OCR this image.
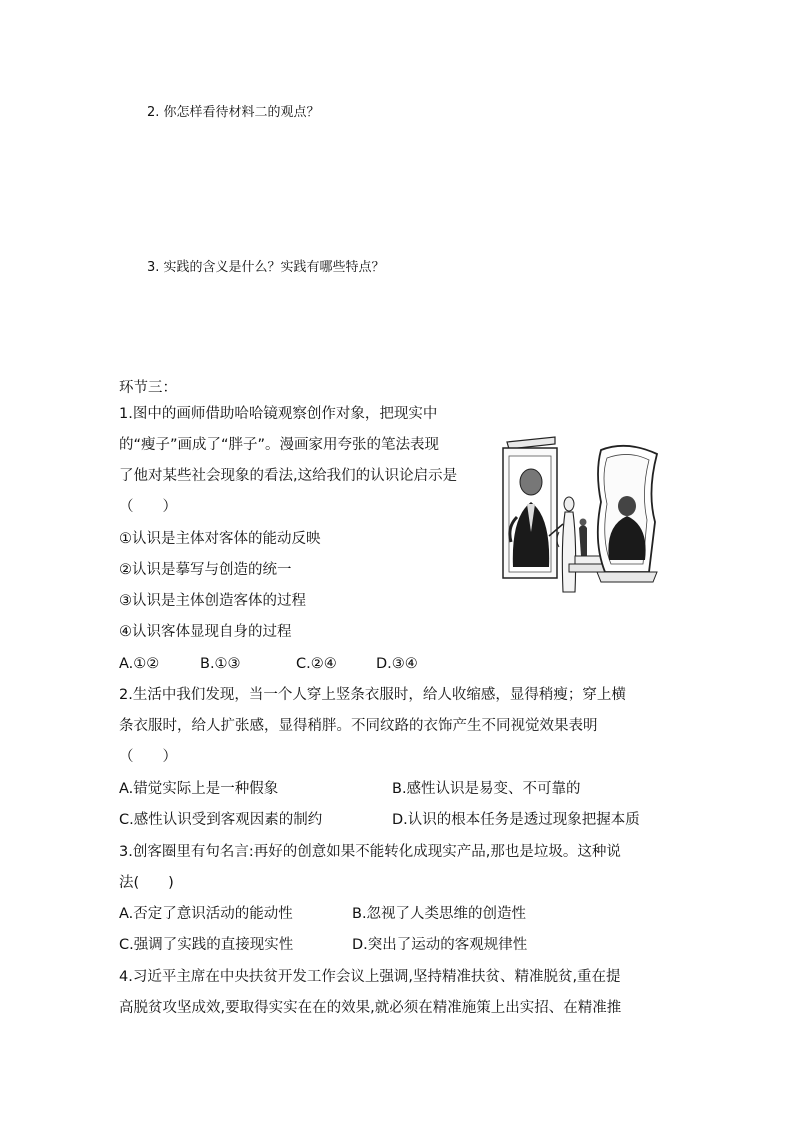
2. 你怎样看待材料二的观点？
3. 实践的含义是什么？实践有哪些特点？
环节三：
1.图中的画师借助哈哈镜观察创作对象，把现实中
的“瘦子”画成了“胖子”。漫画家用夸张的笔法表现
了他对某些社会现象的看法,这给我们的认识论启示是
（　　）
①认识是主体对客体的能动反映
②认识是摹写与创造的统一
③认识是主体创造客体的过程
④认识客体显现自身的过程
A.①②	B.①③	C.②④	D.③④
2.生活中我们发现，当一个人穿上竖条衣服时，给人收缩感，显得稍瘦；穿上横
条衣服时，给人扩张感，显得稍胖。不同纹路的衣饰产生不同视觉效果表明
（　　）
A.错觉实际上是一种假象	B.感性认识是易变、不可靠的
C.感性认识受到客观因素的制约	D.认识的根本任务是透过现象把握本质
3.创客圈里有句名言:再好的创意如果不能转化成现实产品,那也是垃圾。这种说
法(　　)
A.否定了意识活动的能动性	B.忽视了人类思维的创造性
C.强调了实践的直接现实性	D.突出了运动的客观规律性
4.习近平主席在中央扶贫开发工作会议上强调,坚持精准扶贫、精准脱贫,重在提
高脱贫攻坚成效,要取得实实在在的效果,就必须在精准施策上出实招、在精准推
